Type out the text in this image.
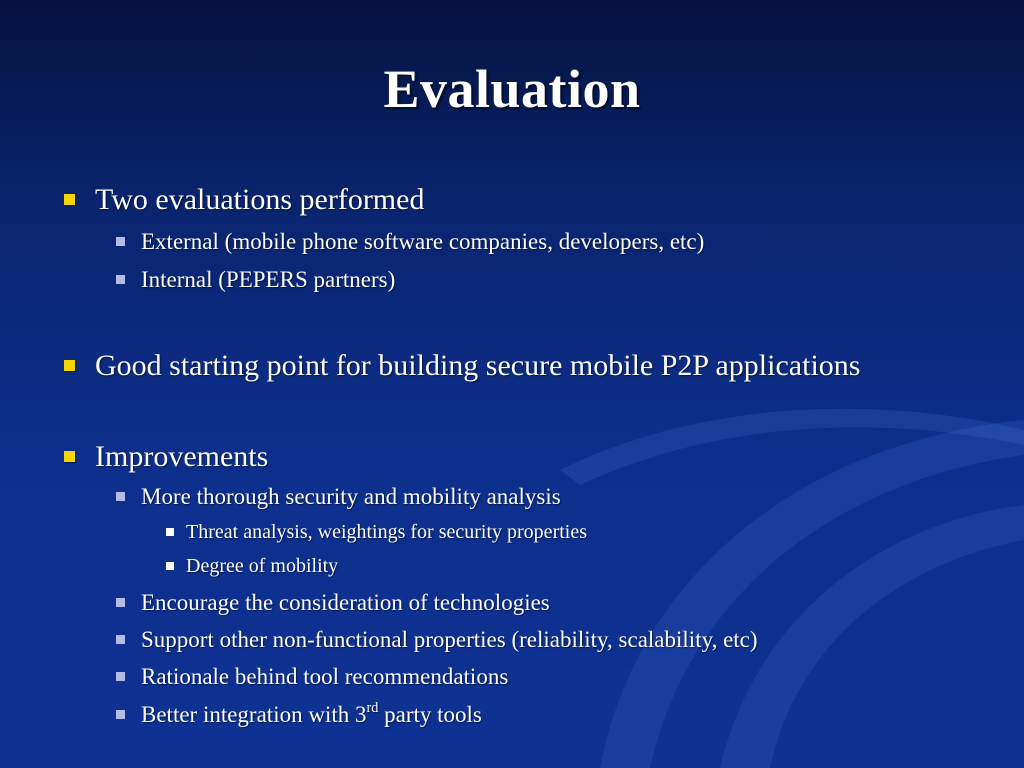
Evaluation
Two evaluations performed
External (mobile phone software companies, developers, etc)
Internal (PEPERS partners)
Good starting point for building secure mobile P2P applications
Improvements
More thorough security and mobility analysis
Threat analysis, weightings for security properties
Degree of mobility
Encourage the consideration of technologies
Support other non-functional properties (reliability, scalability, etc)
Rationale behind tool recommendations
Better integration with 3rd party tools
